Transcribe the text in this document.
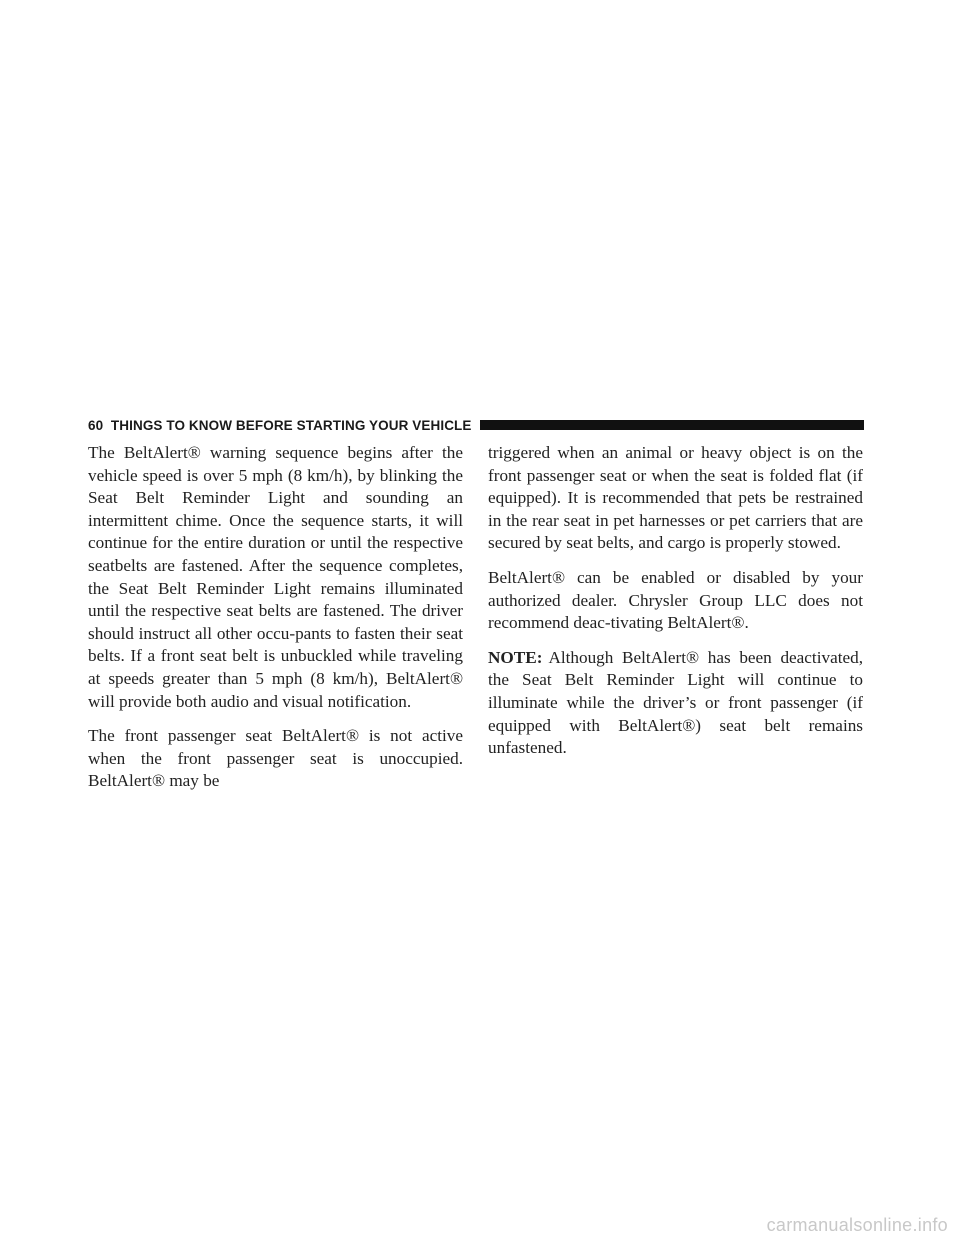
60 THINGS TO KNOW BEFORE STARTING YOUR VEHICLE

The BeltAlert® warning sequence begins after the vehicle speed is over 5 mph (8 km/h), by blinking the Seat Belt Reminder Light and sounding an intermittent chime. Once the sequence starts, it will continue for the entire duration or until the respective seatbelts are fastened. After the sequence completes, the Seat Belt Reminder Light remains illuminated until the respective seat belts are fastened. The driver should instruct all other occu-pants to fasten their seat belts. If a front seat belt is unbuckled while traveling at speeds greater than 5 mph (8 km/h), BeltAlert® will provide both audio and visual notification.

The front passenger seat BeltAlert® is not active when the front passenger seat is unoccupied. BeltAlert® may be

triggered when an animal or heavy object is on the front passenger seat or when the seat is folded flat (if equipped). It is recommended that pets be restrained in the rear seat in pet harnesses or pet carriers that are secured by seat belts, and cargo is properly stowed.

BeltAlert® can be enabled or disabled by your authorized dealer. Chrysler Group LLC does not recommend deac-tivating BeltAlert®.

NOTE: Although BeltAlert® has been deactivated, the Seat Belt Reminder Light will continue to illuminate while the driver’s or front passenger (if equipped with BeltAlert®) seat belt remains unfastened.

carmanualsonline.info
